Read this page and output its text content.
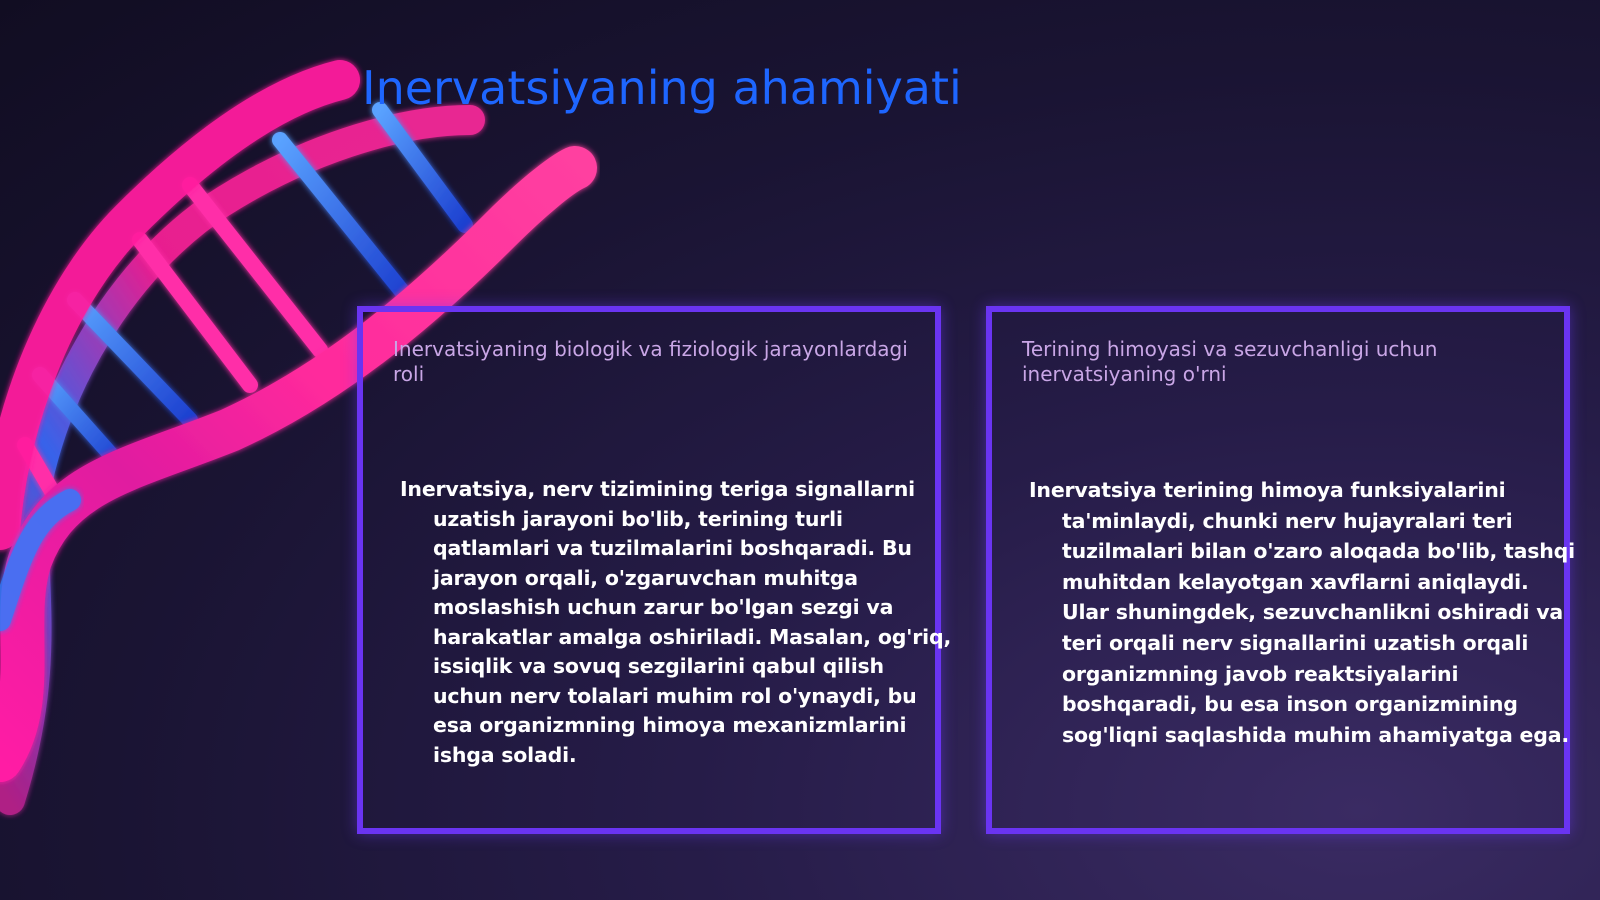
Inervatsiyaning ahamiyati
Inervatsiyaning biologik va fiziologik jarayonlardagi roli

Inervatsiya, nerv tizimining teriga signallarni uzatish jarayoni bo'lib, terining turli qatlamlari va tuzilmalarini boshqaradi. Bu jarayon orqali, o'zgaruvchan muhitga moslashish uchun zarur bo'lgan sezgi va harakatlar amalga oshiriladi. Masalan, og'riq, issiqlik va sovuq sezgilarini qabul qilish uchun nerv tolalari muhim rol o'ynaydi, bu esa organizmning himoya mexanizmlarini ishga soladi.

Terining himoyasi va sezuvchanligi uchun inervatsiyaning o'rni

Inervatsiya terining himoya funksiyalarini ta'minlaydi, chunki nerv hujayralari teri tuzilmalari bilan o'zaro aloqada bo'lib, tashqi muhitdan kelayotgan xavflarni aniqlaydi. Ular shuningdek, sezuvchanlikni oshiradi va teri orqali nerv signallarini uzatish orqali organizmning javob reaktsiyalarini boshqaradi, bu esa inson organizmining sog'liqni saqlashida muhim ahamiyatga ega.
